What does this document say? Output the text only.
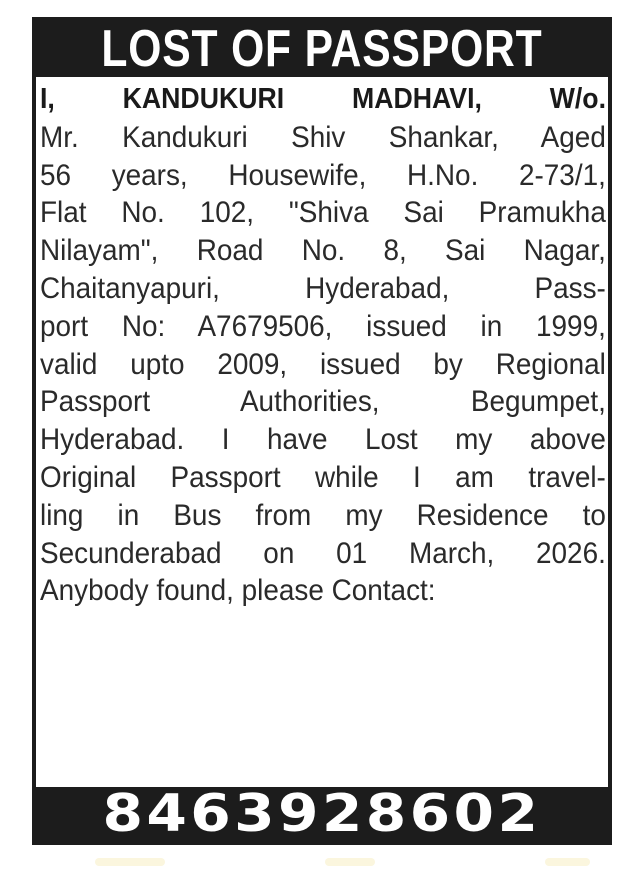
LOST OF PASSPORT
I, KANDUKURI MADHAVI, W/o.
Mr. Kandukuri Shiv Shankar, Aged
56 years, Housewife, H.No. 2-73/1,
Flat No. 102, "Shiva Sai Pramukha
Nilayam", Road No. 8, Sai Nagar,
Chaitanyapuri, Hyderabad, Pass-
port No: A7679506, issued in 1999,
valid upto 2009, issued by Regional
Passport Authorities, Begumpet,
Hyderabad. I have Lost my above
Original Passport while I am travel-
ling in Bus from my Residence to
Secunderabad on 01 March, 2026.
Anybody found, please Contact:
8463928602
